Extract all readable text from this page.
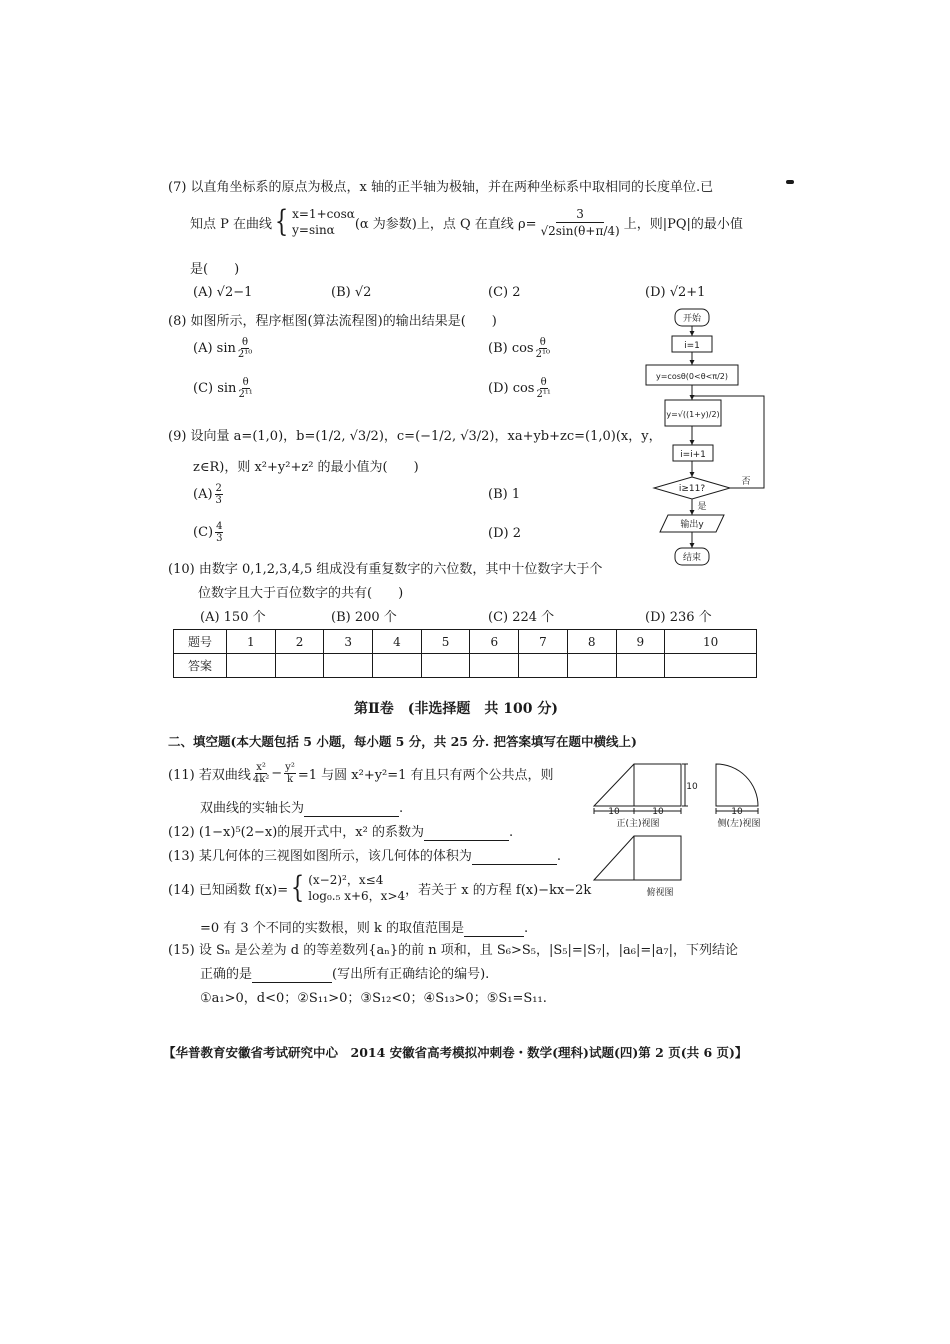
(7) 以直角坐标系的原点为极点，x 轴的正半轴为极轴，并在两种坐标系中取相同的长度单位.已
知点 P 在曲线 { x=1+cosα
y=sinα	(α 为参数)上，点 Q 在直线 $\rho= \frac{3}{√2\sin(\theta+\pi/4)}$ 上，则|PQ|的最小值
是(　　)
(A) √2−1	(B) √2	(C) 2	(D) √2+1
(8) 如图所示，程序框图(算法流程图)的输出结果是(　　)
(A) $\sin \frac{\theta}{\text{2¹⁰}}$	(B) $\cos \frac{\theta}{\text{2¹⁰}}$
(C) $\sin \frac{\theta}{\text{2¹¹}}$	(D) $\cos \frac{\theta}{\text{2¹¹}}$
开始
i=1
y=cosθ(0<θ<π/2)
y=√((1+y)/2)
i=i+1
i≥11?
是
否
输出y
结束
(9) 设向量 a=(1,0)，b=(1/2, √3/2)，c=(−1/2, √3/2)，xa+yb+zc=(1,0)(x，y，
z∈R)，则 x²+y²+z² 的最小值为(　　)
$(A) \frac{2}{3}$	(B) 1
$(C) \frac{4}{3}$	(D) 2
(10) 由数字 0,1,2,3,4,5 组成没有重复数字的六位数，其中十位数字大于个
位数字且大于百位数字的共有(　　)
(A) 150 个	(B) 200 个	(C) 224 个	(D) 236 个
题号	1	2	3	4	5	6	7	8	9	10
答案										
第Ⅱ卷　(非选择题　共 100 分)
二、填空题(本大题包括 5 小题，每小题 5 分，共 25 分. 把答案填写在题中横线上)
(11) 若双曲线 $\frac{\text{x²}}{\text{4k²}} - \frac{\text{y²}}{k} =1$ 与圆 x²+y²=1 有且只有两个公共点，则
双曲线的实轴长为	.
(12) (1−x)⁵(2−x)的展开式中，x² 的系数为	.
(13) 某几何体的三视图如图所示，该几何体的体积为	.
(14) 已知函数 f(x)= { (x−2)²，x≤4
log₀.₅ x+6，x>4 ，若关于 x 的方程 f(x)−kx−2k
=0 有 3 个不同的实数根，则 k 的取值范围是	.
(15) 设 Sₙ 是公差为 d 的等差数列{aₙ}的前 n 项和，且 S₆>S₅，|S₅|=|S₇|，|a₆|=|a₇|，下列结论
正确的是	(写出所有正确结论的编号).
①a₁>0，d<0；②S₁₁>0；③S₁₂<0；④S₁₃>0；⑤S₁=S₁₁.
10
10	10	10
正(主)视图	侧(左)视图
俯视图
【华普教育安徽省考试研究中心　2014 安徽省高考模拟冲刺卷・数学(理科)试题(四)第 2 页(共 6 页)】
